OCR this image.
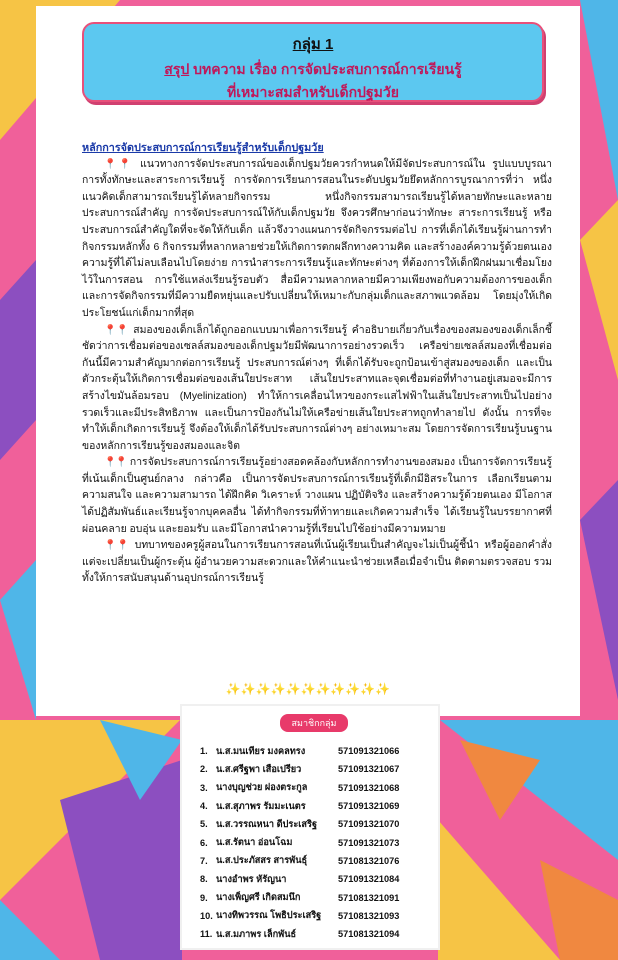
กลุ่ม 1
สรุป บทความ เรื่อง การจัดประสบการณ์การเรียนรู้
ที่เหมาะสมสำหรับเด็กปฐมวัย
หลักการจัดประสบการณ์การเรียนรู้สำหรับเด็กปฐมวัย

📍📍 แนวทางการจัดประสบการณ์ของเด็กปฐมวัยควรกำหนดให้มีจัดประสบการณ์ใน รูปแบบบูรณาการทั้งทักษะและสาระการเรียนรู้ การจัดการเรียนการสอนในระดับปฐมวัยยึดหลักการบูรณาการที่ว่า หนึ่งแนวคิดเด็กสามารถเรียนรู้ได้หลายกิจกรรม หนึ่งกิจกรรมสามารถเรียนรู้ได้หลายทักษะและหลายประสบการณ์สำคัญ การจัดประสบการณ์ให้กับเด็กปฐมวัย จึงควรศึกษาก่อนว่าทักษะ สาระการเรียนรู้ หรือประสบการณ์สำคัญใดที่จะจัดให้กับเด็ก แล้วจึงวางแผนการจัดกิจกรรมต่อไป การที่เด็กได้เรียนรู้ผ่านการทำกิจกรรมหลักทั้ง 6 กิจกรรมที่หลากหลายช่วยให้เกิดการตกผลึกทางความคิด และสร้างองค์ความรู้ด้วยตนเอง ความรู้ที่ได้ไม่ลบเลือนไปโดยง่าย การนำสาระการเรียนรู้และทักษะต่างๆ ที่ต้องการให้เด็กฝึกฝนมาเชื่อมโยงไว้ในการสอน การใช้แหล่งเรียนรู้รอบตัว สื่อมีความหลากหลายมีความเพียงพอกับความต้องการของเด็ก และการจัดกิจกรรมที่มีความยืดหยุ่นและปรับเปลี่ยนให้เหมาะกับกลุ่มเด็กและสภาพแวดล้อม โดยมุ่งให้เกิดประโยชน์แก่เด็กมากที่สุด

📍📍 สมองของเด็กเล็กได้ถูกออกแบบมาเพื่อการเรียนรู้ คำอธิบายเกี่ยวกับเรื่องของสมองของเด็กเล็กชี้ชัดว่าการเชื่อมต่อของเซลล์สมองของเด็กปฐมวัยมีพัฒนาการอย่างรวดเร็ว เครือข่ายเซลล์สมองที่เชื่อมต่อกันนี้มีความสำคัญมากต่อการเรียนรู้ ประสบการณ์ต่างๆ ที่เด็กได้รับจะถูกป้อนเข้าสู่สมองของเด็ก และเป็นตัวกระตุ้นให้เกิดการเชื่อมต่อของเส้นใยประสาท เส้นใยประสาทและจุดเชื่อมต่อที่ทำงานอยู่เสมอจะมีการสร้างไขมันล้อมรอบ (Myelinization) ทำให้การเคลื่อนไหวของกระแสไฟฟ้าในเส้นใยประสาทเป็นไปอย่างรวดเร็วและมีประสิทธิภาพ และเป็นการป้องกันไม่ให้เครือข่ายเส้นใยประสาทถูกทำลายไป ดังนั้น การที่จะทำให้เด็กเกิดการเรียนรู้ จึงต้องให้เด็กได้รับประสบการณ์ต่างๆ อย่างเหมาะสม โดยการจัดการเรียนรู้บนฐานของหลักการเรียนรู้ของสมองและจิต

📍📍 การจัดประสบการณ์การเรียนรู้อย่างสอดคล้องกับหลักการทำงานของสมอง เป็นการจัดการเรียนรู้ที่เน้นเด็กเป็นศูนย์กลาง กล่าวคือ เป็นการจัดประสบการณ์การเรียนรู้ที่เด็กมีอิสระในการ เลือกเรียนตามความสนใจ และความสามารถ ได้ฝึกคิด วิเคราะห์ วางแผน ปฏิบัติจริง และสร้างความรู้ด้วยตนเอง มีโอกาสได้ปฏิสัมพันธ์และเรียนรู้จากบุคคลอื่น ได้ทำกิจกรรมที่ท้าทายและเกิดความสำเร็จ ได้เรียนรู้ในบรรยากาศที่ผ่อนคลาย อบอุ่น และยอมรับ และมีโอกาสนำความรู้ที่เรียนไปใช้อย่างมีความหมาย

📍📍 บทบาทของครูผู้สอนในการเรียนการสอนที่เน้นผู้เรียนเป็นสำคัญจะไม่เป็นผู้ชี้นำ หรือผู้ออกคำสั่งแต่จะเปลี่ยนเป็นผู้กระตุ้น ผู้อำนวยความสะดวกและให้คำแนะนำช่วยเหลือเมื่อจำเป็น ติดตามตรวจสอบ รวมทั้งให้การสนับสนุนด้านอุปกรณ์การเรียนรู้

✨✨✨✨✨✨✨✨✨✨✨
สมาชิกกลุ่ม
1. น.ส.มนเทียร มงคลทรง	571091321066
2. น.ส.ศรีฐพา เสือเปรียว	571091321067
3. นางบุญช่วย ผ่องตระกูล	571091321068
4. น.ส.สุภาพร รัมมะเนตร	571091321069
5. น.ส.วรรณหนา ดีประเสริฐ	571091321070
6. น.ส.รัตนา อ่อนโฉม	571091321073
7. น.ส.ประภัสสร สารพันธุ์	571081321076
8. นางอำพร หัรัญนา	571091321084
9. นางเพ็ญศรี เกิดสมนึก	571081321091
10. นางทิพวรรณ โพธิประเสริฐ	571081321093
11. น.ส.มภาพร เล็กพันธ์	571081321094
